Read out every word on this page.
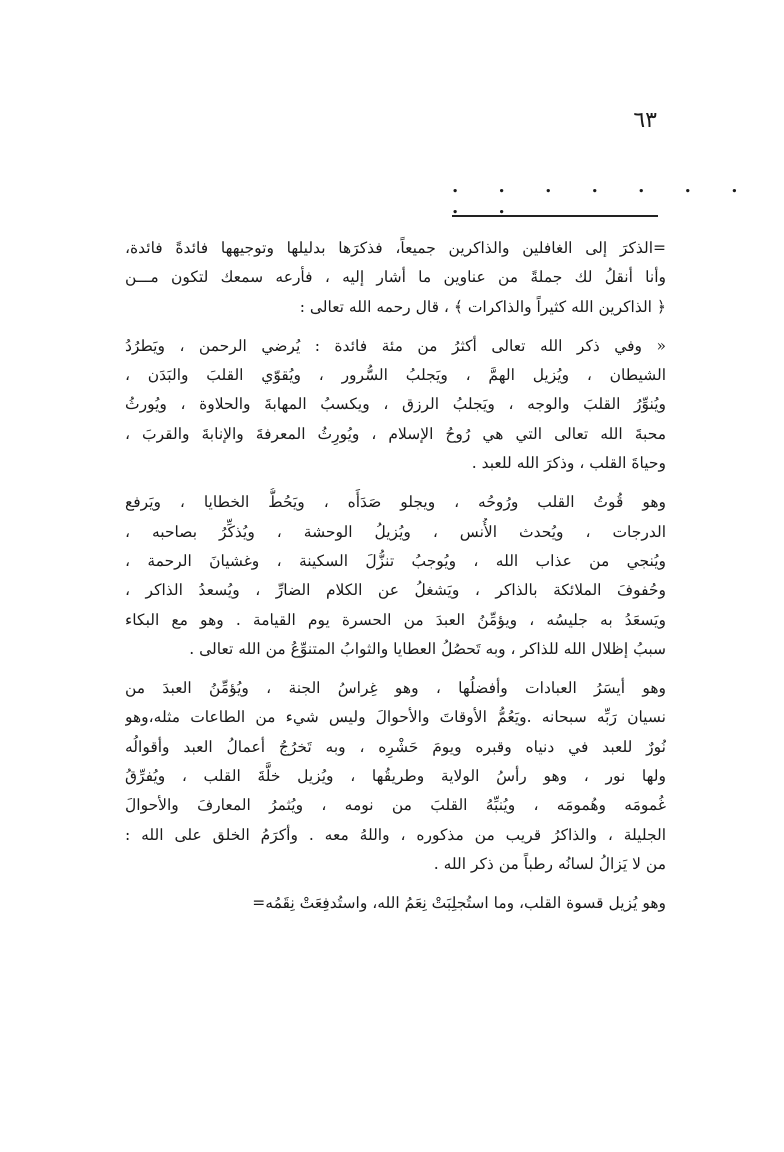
٦٣
. . . . . . . . .
=الذكرَ إلى الغافلين والذاكرين جميعاً، فذكرَها بدليلها وتوجيهها فائدةً فائدة،
وأنا أنقلُ لك جملةً من عناوين ما أشار إليه ، فأرعه سمعك لتكون مـــن
﴿ الذاكرين الله كثيراً والذاكرات ﴾ ، قال رحمه الله تعالى :
« وفي ذكر الله تعالى أكثرُ من مئة فائدة : يُرضي الرحمن ، ويَطرُدُ
الشيطان ، ويُزيل الهمَّ ، ويَجلبُ السُّرور ، ويُقوّي القلبَ والبَدَن ،
ويُنوِّرُ القلبَ والوجه ، ويَجلبُ الرزق ، ويكسبُ المهابةَ والحلاوة ، ويُورثُ
محبةَ الله تعالى التي هي رُوحُ الإسلام ، ويُورِثُ المعرفةَ والإنابةَ والقربَ ،
وحياةَ القلب ، وذكرَ الله للعبد .
وهو قُوتُ القلب ورُوحُه ، ويجلو صَدَأَه ، ويَحُطُّ الخطايا ، ويَرفع
الدرجات ، ويُحدث الأُنس ، ويُزيلُ الوحشة ، ويُذكِّرُ بصاحبه ،
ويُنجي من عذاب الله ، ويُوجبُ تنزُّلَ السكينة ، وغشيانَ الرحمة ،
وحُفوفَ الملائكة بالذاكر ، ويَشغلُ عن الكلام الضارِّ ، ويُسعدُ الذاكر ،
ويَسعَدُ به جليسُه ، ويؤمِّنُ العبدَ من الحسرة يوم القيامة . وهو مع البكاء
سببُ إظلال الله للذاكر ، وبه تَحصُلُ العطايا والثوابُ المتنوِّعُ من الله تعالى .
وهو أيسَرُ العبادات وأفضلُها ، وهو غِراسُ الجنة ، ويُؤمِّنُ العبدَ من
نسيان رَبِّه سبحانه .ويَعُمُّ الأوقاتَ والأحوالَ وليس شيء من الطاعات مثله،وهو
نُورٌ للعبد في دنياه وقبره ويومَ حَشْرِه ، وبه تَخرُجُ أعمالُ العبد وأقوالُه
ولها نور ، وهو رأسُ الولاية وطريقُها ، ويُزيل خلَّةَ القلب ، ويُفرِّقُ
غُمومَه وهُمومَه ، ويُنبِّهُ القلبَ من نومه ، ويُثمرُ المعارفَ والأحوالَ
الجليلة ، والذاكرُ قريب من مذكوره ، واللهُ معه . وأكرَمُ الخلق على الله :
من لا يَزالُ لسانُه رطباً من ذكر الله .
وهو يُزيل قسوة القلب، وما استُجلِبَتْ نِعَمُ الله، واستُدفِعَتْ نِقَمُه=
